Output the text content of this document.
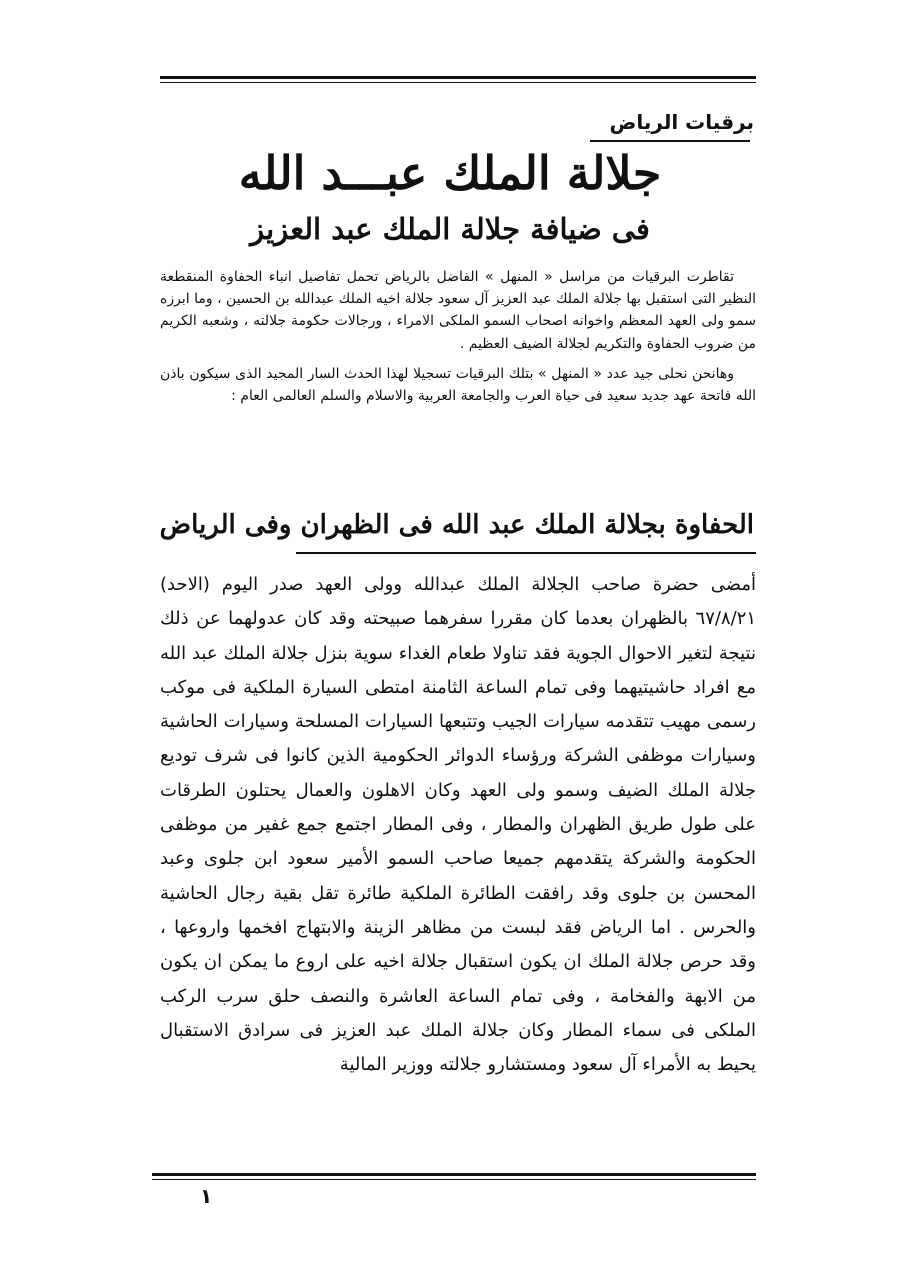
برقيات الرياض
جلالة الملك عبـــد الله
فى ضيافة جلالة الملك عبد العزيز

تقاطرت البرقيات من مراسل « المنهل » الفاضل بالرياض تحمل تفاصيل انباء الحفاوة المنقطعة النظير التى استقبل بها جلالة الملك عبد العزيز آل سعود جلالة اخيه الملك عبدالله بن الحسين ، وما ابرزه سمو ولى العهد المعظم واخوانه اصحاب السمو الملكى الامراء ، ورجالات حكومة جلالته ، وشعبه الكريم من ضروب الحفاوة والتكريم لجلالة الضيف العظيم .

وهانحن نحلى جيد عدد « المنهل » بتلك البرقيات تسجيلا لهذا الحدث السار المجيد الذى سيكون باذن الله فاتحة عهد جديد سعيد فى حياة العرب والجامعة العربية والاسلام والسلم العالمى العام :

الحفاوة بجلالة الملك عبد الله فى الظهران وفى الرياض

أمضى حضرة صاحب الجلالة الملك عبدالله وولى العهد صدر اليوم (الاحد) ٦٧/٨/٢١ بالظهران بعدما كان مقررا سفرهما صبيحته وقد كان عدولهما عن ذلك نتيجة لتغير الاحوال الجوية فقد تناولا طعام الغداء سوية بنزل جلالة الملك عبد الله مع افراد حاشيتيهما وفى تمام الساعة الثامنة امتطى السيارة الملكية فى موكب رسمى مهيب تتقدمه سيارات الجيب وتتبعها السيارات المسلحة وسيارات الحاشية وسيارات موظفى الشركة ورؤساء الدوائر الحكومية الذين كانوا فى شرف توديع جلالة الملك الضيف وسمو ولى العهد وكان الاهلون والعمال يحتلون الطرقات على طول طريق الظهران والمطار ، وفى المطار اجتمع جمع غفير من موظفى الحكومة والشركة يتقدمهم جميعا صاحب السمو الأمير سعود ابن جلوى وعبد المحسن بن جلوى وقد رافقت الطائرة الملكية طائرة تقل بقية رجال الحاشية والحرس . اما الرياض فقد لبست من مظاهر الزينة والابتهاج افخمها واروعها ، وقد حرص جلالة الملك ان يكون استقبال جلالة اخيه على اروع ما يمكن ان يكون من الابهة والفخامة ، وفى تمام الساعة العاشرة والنصف حلق سرب الركب الملكى فى سماء المطار وكان جلالة الملك عبد العزيز فى سرادق الاستقبال يحيط به الأمراء آل سعود ومستشارو جلالته ووزير المالية

١
